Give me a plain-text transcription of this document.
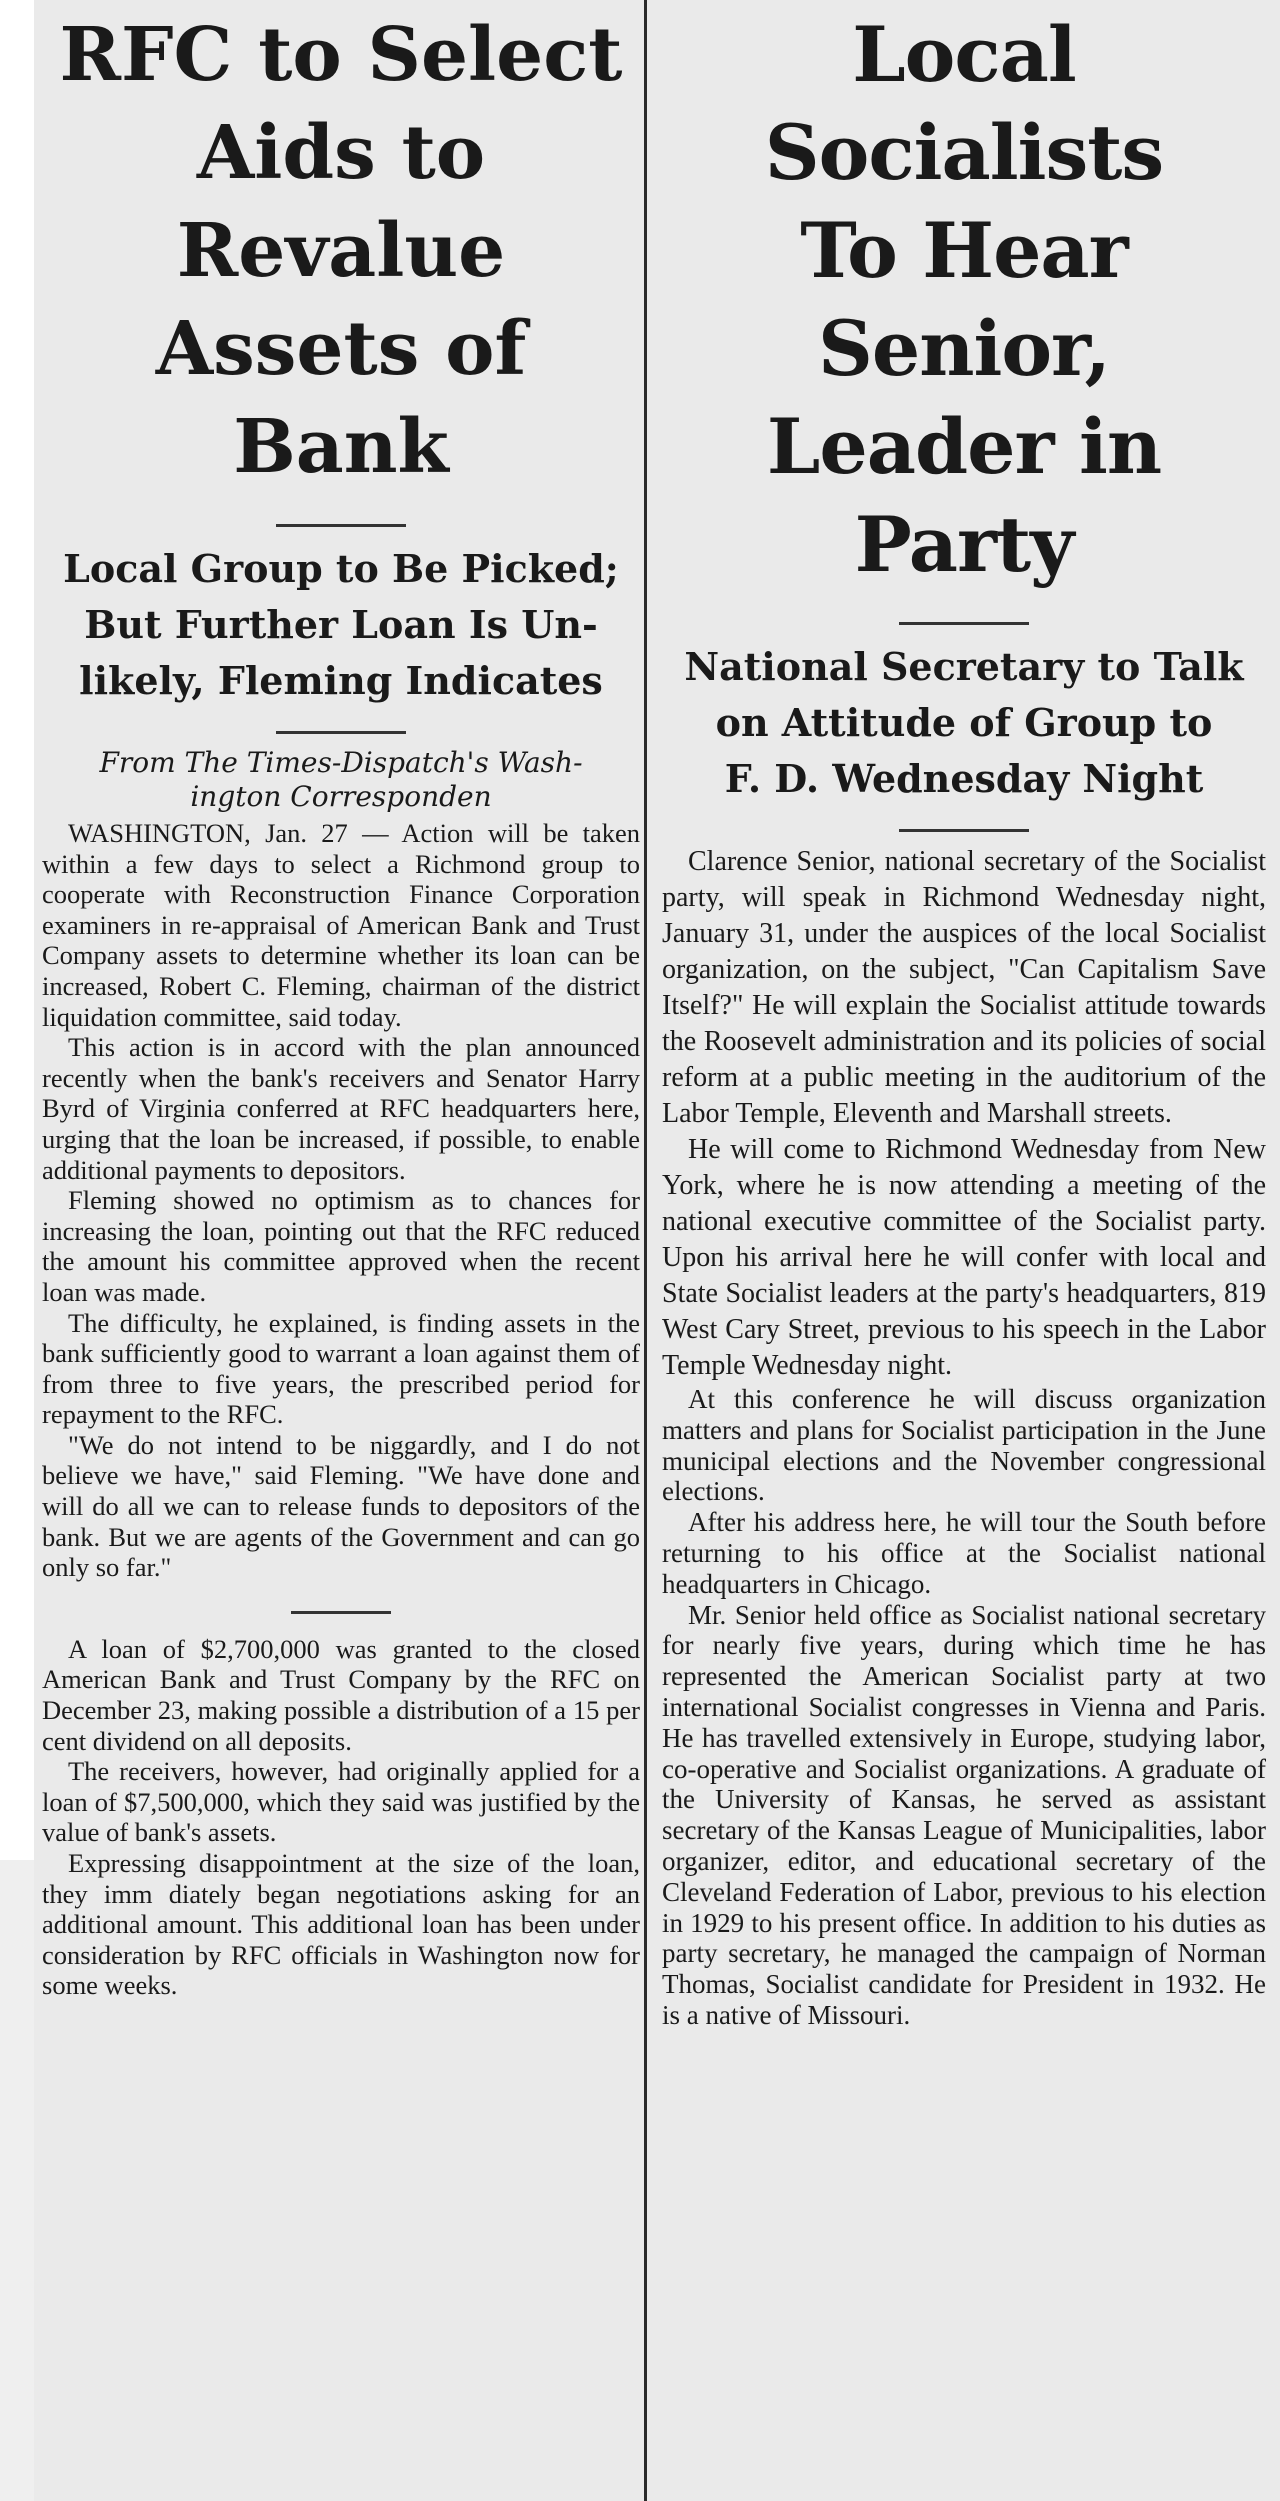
RFC to Select
Aids to Revalue
Assets of Bank
Local Group to Be Picked;
But Further Loan Is Un-
likely, Fleming Indicates

From The Times-Dispatch's Wash-
ington Corresponden

WASHINGTON, Jan. 27 — Action will be taken within a few days to select a Richmond group to cooperate with Reconstruction Finance Corporation examiners in re-appraisal of American Bank and Trust Company assets to determine whether its loan can be increased, Robert C. Fleming, chairman of the district liquidation committee, said today.

This action is in accord with the plan announced recently when the bank's receivers and Senator Harry Byrd of Virginia conferred at RFC headquarters here, urging that the loan be increased, if possible, to enable additional payments to depositors.

Fleming showed no optimism as to chances for increasing the loan, pointing out that the RFC reduced the amount his committee approved when the recent loan was made.

The difficulty, he explained, is finding assets in the bank sufficiently good to warrant a loan against them of from three to five years, the prescribed period for repayment to the RFC.

"We do not intend to be niggardly, and I do not believe we have," said Fleming. "We have done and will do all we can to release funds to depositors of the bank. But we are agents of the Government and can go only so far."

A loan of $2,700,000 was granted to the closed American Bank and Trust Company by the RFC on December 23, making possible a distribution of a 15 per cent dividend on all deposits.

The receivers, however, had originally applied for a loan of $7,500,000, which they said was justified by the value of bank's assets.

Expressing disappointment at the size of the loan, they imm diately began negotiations asking for an additional amount. This additional loan has been under consideration by RFC officials in Washington now for some weeks.

Local Socialists
To Hear Senior,
Leader in Party
National Secretary to Talk
on Attitude of Group to
F. D. Wednesday Night

Clarence Senior, national secretary of the Socialist party, will speak in Richmond Wednesday night, January 31, under the auspices of the local Socialist organization, on the subject, "Can Capitalism Save Itself?" He will explain the Socialist attitude towards the Roosevelt administration and its policies of social reform at a public meeting in the auditorium of the Labor Temple, Eleventh and Marshall streets.

He will come to Richmond Wednesday from New York, where he is now attending a meeting of the national executive committee of the Socialist party. Upon his arrival here he will confer with local and State Socialist leaders at the party's headquarters, 819 West Cary Street, previous to his speech in the Labor Temple Wednesday night.

At this conference he will discuss organization matters and plans for Socialist participation in the June municipal elections and the November congressional elections.

After his address here, he will tour the South before returning to his office at the Socialist national headquarters in Chicago.

Mr. Senior held office as Socialist national secretary for nearly five years, during which time he has represented the American Socialist party at two international Socialist congresses in Vienna and Paris. He has travelled extensively in Europe, studying labor, co-operative and Socialist organizations. A graduate of the University of Kansas, he served as assistant secretary of the Kansas League of Municipalities, labor organizer, editor, and educational secretary of the Cleveland Federation of Labor, previous to his election in 1929 to his present office. In addition to his duties as party secretary, he managed the campaign of Norman Thomas, Socialist candidate for President in 1932. He is a native of Missouri.
